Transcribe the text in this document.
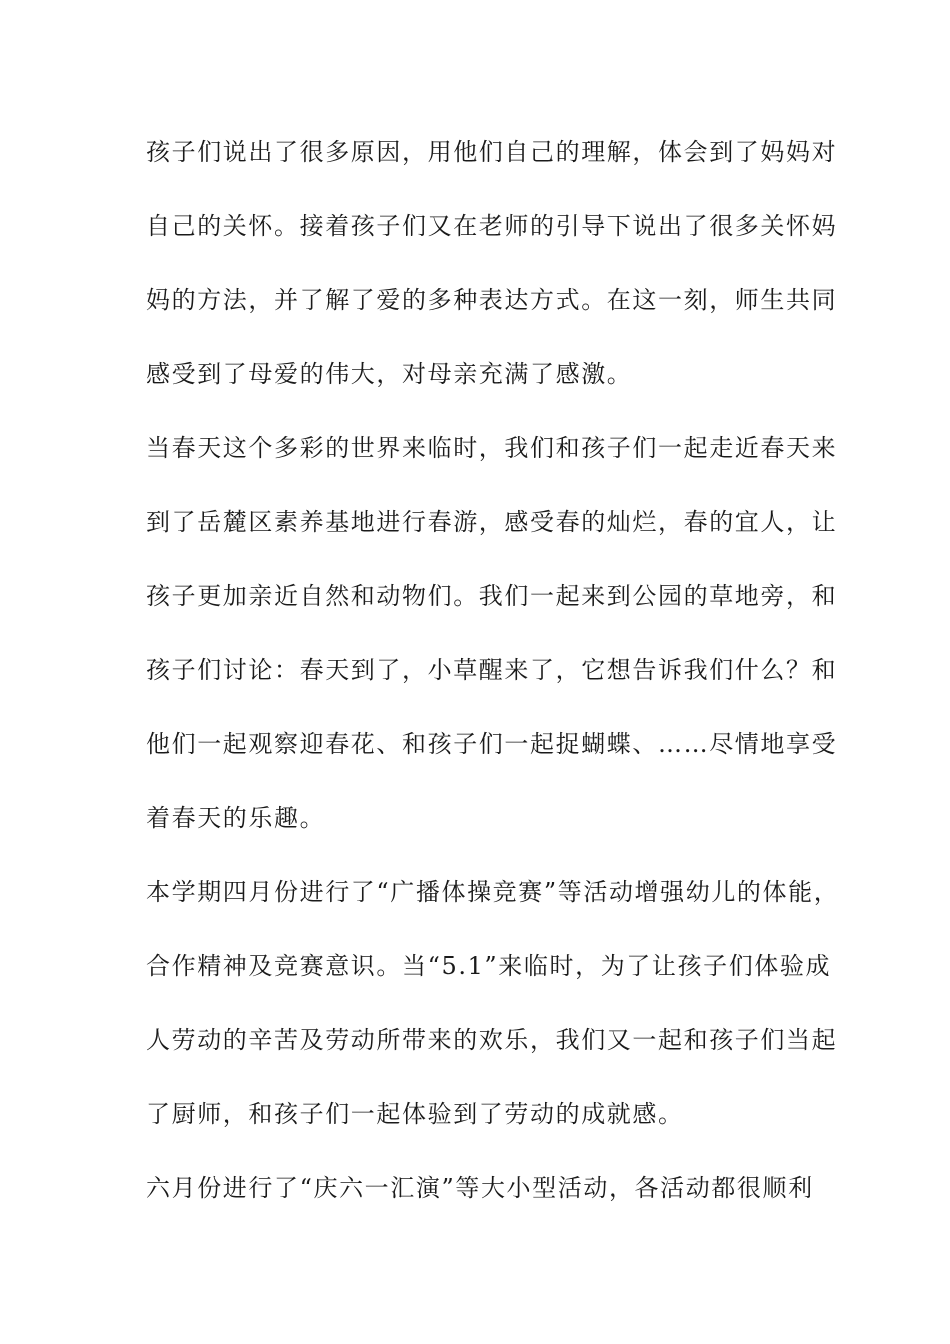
孩子们说出了很多原因，用他们自己的理解，体会到了妈妈对
自己的关怀。接着孩子们又在老师的引导下说出了很多关怀妈
妈的方法，并了解了爱的多种表达方式。在这一刻，师生共同
感受到了母爱的伟大，对母亲充满了感激。
当春天这个多彩的世界来临时，我们和孩子们一起走近春天来
到了岳麓区素养基地进行春游，感受春的灿烂，春的宜人，让
孩子更加亲近自然和动物们。我们一起来到公园的草地旁，和
孩子们讨论：春天到了，小草醒来了，它想告诉我们什么？和
他们一起观察迎春花、和孩子们一起捉蝴蝶、……尽情地享受
着春天的乐趣。
本学期四月份进行了“广播体操竞赛”等活动增强幼儿的体能，
合作精神及竞赛意识。当“5.1”来临时，为了让孩子们体验成
人劳动的辛苦及劳动所带来的欢乐，我们又一起和孩子们当起
了厨师，和孩子们一起体验到了劳动的成就感。
六月份进行了“庆六一汇演”等大小型活动，各活动都很顺利
